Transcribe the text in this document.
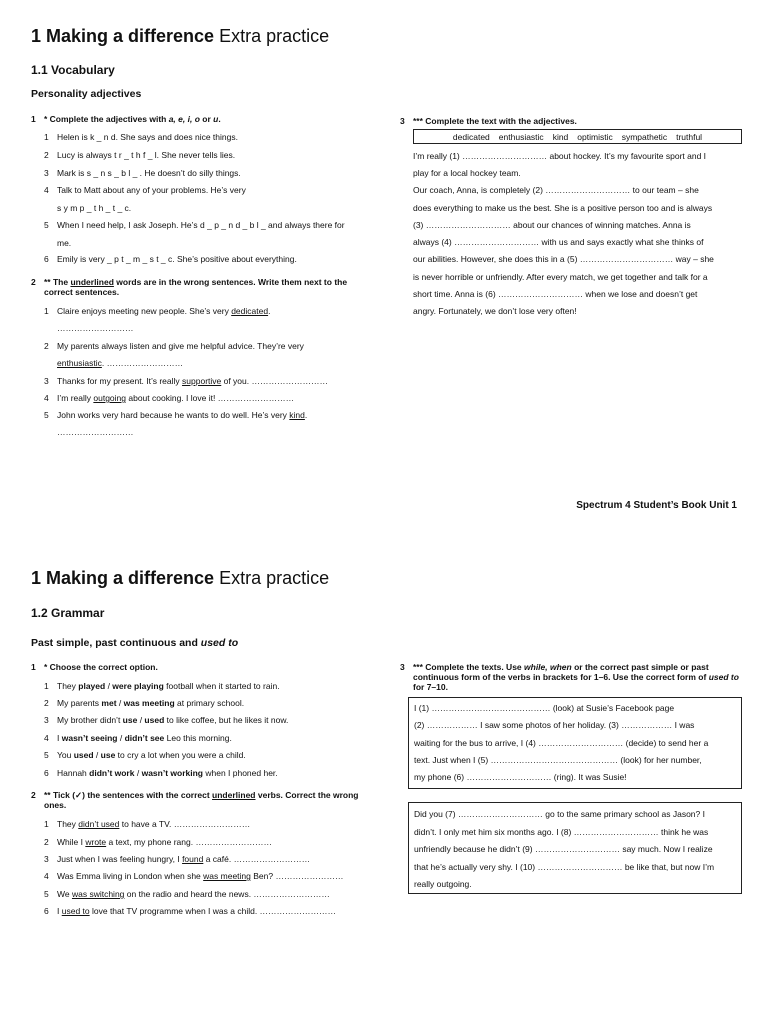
1 Making a difference Extra practice
1.1 Vocabulary
Personality adjectives
1 * Complete the adjectives with a, e, i, o or u.
1 Helen is k _ n d. She says and does nice things.
2 Lucy is always t r _ t h f _ l. She never tells lies.
3 Mark is s _ n s _ b l _ . He doesn’t do silly things.
4 Talk to Matt about any of your problems. He’s very
s y m p _ t h _ t _ c.
5 When I need help, I ask Joseph. He’s d _ p _ n d _ b l _ and always there for
me.
6 Emily is very _ p t _ m _ s t _ c. She’s positive about everything.
2 ** The underlined words are in the wrong sentences. Write them next to the correct sentences.
1 Claire enjoys meeting new people. She’s very dedicated.
………………………
2 My parents always listen and give me helpful advice. They’re very
enthusiastic. ………………………
3 Thanks for my present. It’s really supportive of you. ………………………
4 I’m really outgoing about cooking. I love it! ………………………
5 John works very hard because he wants to do well. He’s very kind.
………………………
3 *** Complete the text with the adjectives.
dedicated enthusiastic kind optimistic sympathetic truthful
I’m really (1) ………………………… about hockey. It’s my favourite sport and I
play for a local hockey team.
Our coach, Anna, is completely (2) ………………………… to our team – she
does everything to make us the best. She is a positive person too and is always
(3) ………………………… about our chances of winning matches. Anna is
always (4) ………………………… with us and says exactly what she thinks of
our abilities. However, she does this in a (5) …………………………… way – she
is never horrible or unfriendly. After every match, we get together and talk for a
short time. Anna is (6) ………………………… when we lose and doesn’t get
angry. Fortunately, we don’t lose very often!
Spectrum 4 Student’s Book Unit 1
1 Making a difference Extra practice
1.2 Grammar
Past simple, past continuous and used to
1 * Choose the correct option.
1 They played / were playing football when it started to rain.
2 My parents met / was meeting at primary school.
3 My brother didn’t use / used to like coffee, but he likes it now.
4 I wasn’t seeing / didn’t see Leo this morning.
5 You used / use to cry a lot when you were a child.
6 Hannah didn’t work / wasn’t working when I phoned her.
2 ** Tick (✓) the sentences with the correct underlined verbs. Correct the wrong ones.
1 They didn’t used to have a TV. ………………………
2 While I wrote a text, my phone rang. ………………………
3 Just when I was feeling hungry, I found a café. ………………………
4 Was Emma living in London when she was meeting Ben? ……………………
5 We was switching on the radio and heard the news. ………………………
6 I used to love that TV programme when I was a child. ………………………
3 *** Complete the texts. Use while, when or the correct past simple or past continuous form of the verbs in brackets for 1–6. Use the correct form of used to for 7–10.
I (1) …………………………………… (look) at Susie’s Facebook page
(2) ……………… I saw some photos of her holiday. (3) ……………… I was
waiting for the bus to arrive, I (4) ………………………… (decide) to send her a
text. Just when I (5) ……………………………………… (look) for her number,
my phone (6) ………………………… (ring). It was Susie!
Did you (7) ………………………… go to the same primary school as Jason? I
didn’t. I only met him six months ago. I (8) ………………………… think he was
unfriendly because he didn’t (9) ………………………… say much. Now I realize
that he’s actually very shy. I (10) ………………………… be like that, but now I’m
really outgoing.
